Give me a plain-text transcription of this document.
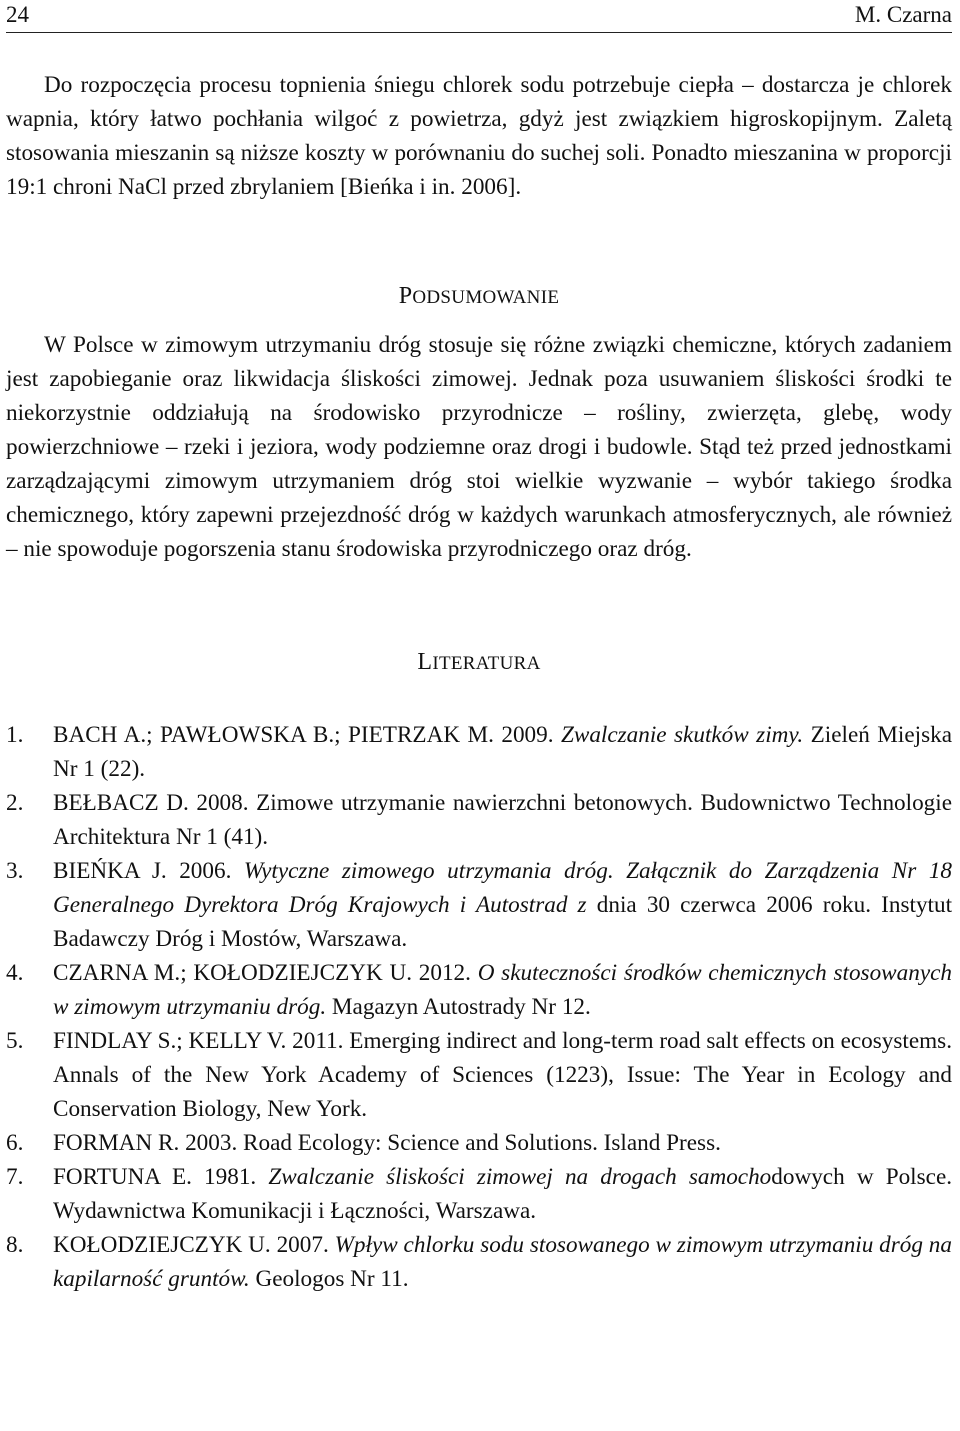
24	M. Czarna

Do rozpoczęcia procesu topnienia śniegu chlorek sodu potrzebuje ciepła – dostarcza je chlorek wapnia, który łatwo pochłania wilgoć z powietrza, gdyż jest związkiem higroskopijnym. Zaletą stosowania mieszanin są niższe koszty w porównaniu do suchej soli. Ponadto mieszanina w proporcji 19:1 chroni NaCl przed zbrylaniem [Bieńka i in. 2006].

PODSUMOWANIE

W Polsce w zimowym utrzymaniu dróg stosuje się różne związki chemiczne, których zadaniem jest zapobieganie oraz likwidacja śliskości zimowej. Jednak poza usuwaniem śliskości środki te niekorzystnie oddziałują na środowisko przyrodnicze – rośliny, zwierzęta, glebę, wody powierzchniowe – rzeki i jeziora, wody podziemne oraz drogi i budowle. Stąd też przed jednostkami zarządzającymi zimowym utrzymaniem dróg stoi wielkie wyzwanie – wybór takiego środka chemicznego, który zapewni przejezdność dróg w każdych warunkach atmosferycznych, ale również – nie spowoduje pogorszenia stanu środowiska przyrodniczego oraz dróg.

LITERATURA
1. BACH A.; PAWŁOWSKA B.; PIETRZAK M. 2009. Zwalczanie skutków zimy. Zieleń Miejska Nr 1 (22).
2. BEŁBACZ D. 2008. Zimowe utrzymanie nawierzchni betonowych. Budownictwo Technologie Architektura Nr 1 (41).
3. BIEŃKA J. 2006. Wytyczne zimowego utrzymania dróg. Załącznik do Zarządzenia Nr 18 Generalnego Dyrektora Dróg Krajowych i Autostrad z dnia 30 czerwca 2006 roku. Instytut Badawczy Dróg i Mostów, Warszawa.
4. CZARNA M.; KOŁODZIEJCZYK U. 2012. O skuteczności środków chemicznych stosowanych w zimowym utrzymaniu dróg. Magazyn Autostrady Nr 12.
5. FINDLAY S.; KELLY V. 2011. Emerging indirect and long-term road salt effects on ecosystems. Annals of the New York Academy of Sciences (1223), Issue: The Year in Ecology and Conservation Biology, New York.
6. FORMAN R. 2003. Road Ecology: Science and Solutions. Island Press.
7. FORTUNA E. 1981. Zwalczanie śliskości zimowej na drogach samochodowych w Polsce. Wydawnictwa Komunikacji i Łączności, Warszawa.
8. KOŁODZIEJCZYK U. 2007. Wpływ chlorku sodu stosowanego w zimowym utrzymaniu dróg na kapilarność gruntów. Geologos Nr 11.
